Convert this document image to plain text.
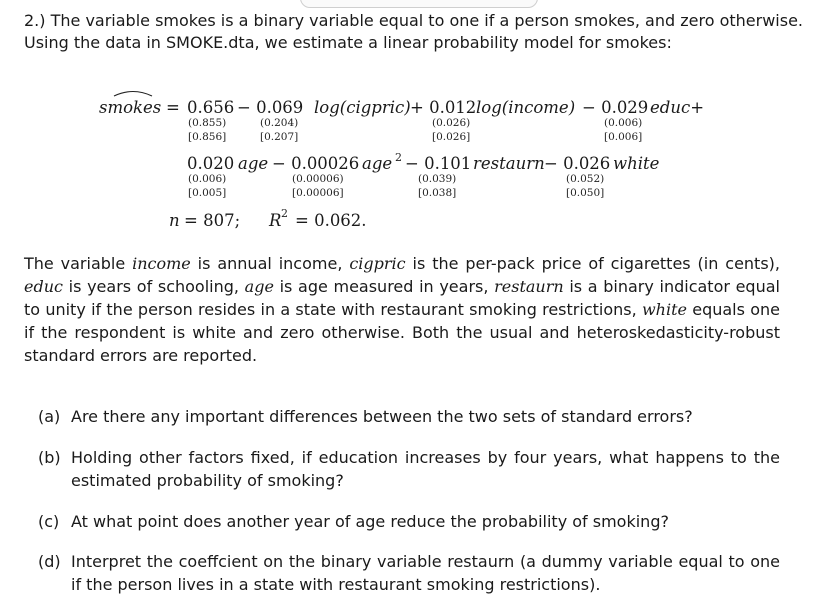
2.) The variable smokes is a binary variable equal to one if a person smokes, and zero otherwise.
Using the data in SMOKE.dta, we estimate a linear probability model for smokes:
smokes = 0.656 − 0.069 log(cigpric) + 0.012 log(income) − 0.029 educ+
(0.855)
[0.856]
(0.204)
[0.207]
(0.026)
[0.026]
(0.006)
[0.006]
0.020 age − 0.00026 age 2 − 0.101 restaurn − 0.026 white
(0.006)
[0.005]
(0.00006)
[0.00006]
(0.039)
[0.038]
(0.052)
[0.050]
n = 807; R 2 = 0.062.
The variable income is annual income, cigpric is the per-pack price of cigarettes (in cents), educ is years of schooling, age is age measured in years, restaurn is a binary indicator equal to unity if the person resides in a state with restaurant smoking restrictions, white equals one if the respondent is white and zero otherwise. Both the usual and heteroskedasticity-robust standard errors are reported.
(a) Are there any important differences between the two sets of standard errors?
(b) Holding other factors fixed, if education increases by four years, what happens to the estimated probability of smoking?
(c) At what point does another year of age reduce the probability of smoking?
(d) Interpret the coeffcient on the binary variable restaurn (a dummy variable equal to one if the person lives in a state with restaurant smoking restrictions).
